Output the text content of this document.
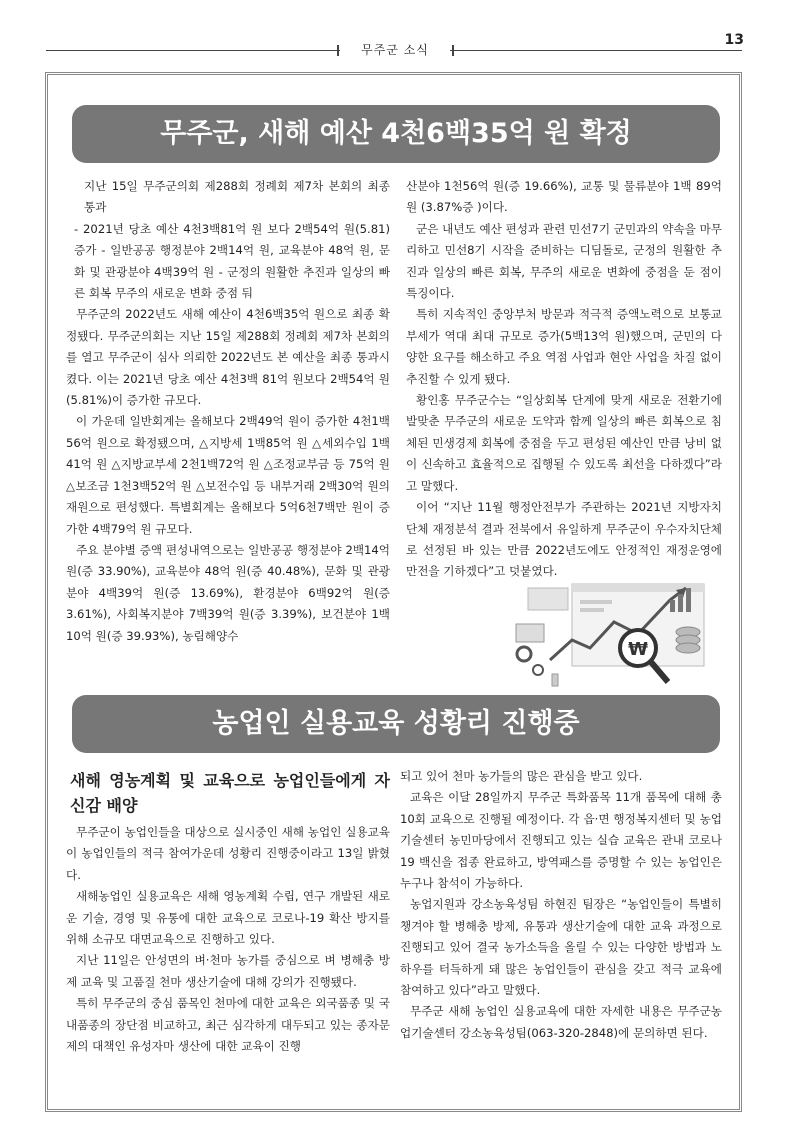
13
무주군 소식
무주군, 새해 예산 4천6백35억 원 확정

지난 15일 무주군의회 제288회 정례회 제7차 본회의 최종 통과

- 2021년 당초 예산 4천3백81억 원 보다 2백54억 원(5.81) 증가 - 일반공공 행정분야 2백14억 원, 교육분야 48억 원, 문화 및 관광분야 4백39억 원 - 군정의 원활한 추진과 일상의 빠른 회복 무주의 새로운 변화 중점 둬

무주군의 2022년도 새해 예산이 4천6백35억 원으로 최종 확정됐다. 무주군의회는 지난 15일 제288회 정례회 제7차 본회의를 열고 무주군이 심사 의뢰한 2022년도 본 예산을 최종 통과시켰다. 이는 2021년 당초 예산 4천3백 81억 원보다 2백54억 원(5.81%)이 증가한 규모다.

이 가운데 일반회계는 올해보다 2백49억 원이 증가한 4천1백56억 원으로 확정됐으며, △지방세 1백85억 원 △세외수입 1백41억 원 △지방교부세 2천1백72억 원 △조정교부금 등 75억 원 △보조금 1천3백52억 원 △보전수입 등 내부거래 2백30억 원의 재원으로 편성했다. 특별회계는 올해보다 5억6천7백만 원이 증가한 4백79억 원 규모다.

주요 분야별 증액 편성내역으로는 일반공공 행정분야 2백14억 원(증 33.90%), 교육분야 48억 원(증 40.48%), 문화 및 관광분야 4백39억 원(증 13.69%), 환경분야 6백92억 원(증 3.61%), 사회복지분야 7백39억 원(증 3.39%), 보건분야 1백10억 원(증 39.93%), 농림해양수

산분야 1천56억 원(증 19.66%), 교통 및 물류분야 1백 89억 원 (3.87%증 )이다.

군은 내년도 예산 편성과 관련 민선7기 군민과의 약속을 마무리하고 민선8기 시작을 준비하는 디딤돌로, 군정의 원활한 추진과 일상의 빠른 회복, 무주의 새로운 변화에 중점을 둔 점이 특징이다.

특히 지속적인 중앙부처 방문과 적극적 증액노력으로 보통교부세가 역대 최대 규모로 증가(5백13억 원)했으며, 군민의 다양한 요구를 해소하고 주요 역점 사업과 현안 사업을 차질 없이 추진할 수 있게 됐다.

황인홍 무주군수는 “일상회복 단계에 맞게 새로운 전환기에 발맞춘 무주군의 새로운 도약과 함께 일상의 빠른 회복으로 침체된 민생경제 회복에 중점을 두고 편성된 예산인 만큼 낭비 없이 신속하고 효율적으로 집행될 수 있도록 최선을 다하겠다”라고 말했다.

이어 “지난 11월 행정안전부가 주관하는 2021년 지방자치단체 재정분석 결과 전북에서 유일하게 무주군이 우수자치단체로 선정된 바 있는 만큼 2022년도에도 안정적인 재정운영에 만전을 기하겠다”고 덧붙였다.

₩
농업인 실용교육 성황리 진행중
새해 영농계획 및 교육으로 농업인들에게 자신감 배양

무주군이 농업인들을 대상으로 실시중인 새해 농업인 실용교육이 농업인들의 적극 참여가운데 성황리 진행중이라고 13일 밝혔다.

새해농업인 실용교육은 새해 영농계획 수립, 연구 개발된 새로운 기술, 경영 및 유통에 대한 교육으로 코로나-19 확산 방지를 위해 소규모 대면교육으로 진행하고 있다.

지난 11일은 안성면의 벼·천마 농가를 중심으로 벼 병해충 방제 교육 및 고품질 천마 생산기술에 대해 강의가 진행됐다.

특히 무주군의 중심 품목인 천마에 대한 교육은 외국품종 및 국내품종의 장단점 비교하고, 최근 심각하게 대두되고 있는 종자문제의 대책인 유성자마 생산에 대한 교육이 진행

되고 있어 천마 농가들의 많은 관심을 받고 있다.

교육은 이달 28일까지 무주군 특화품목 11개 품목에 대해 총 10회 교육으로 진행될 예정이다. 각 읍·면 행정복지센터 및 농업기술센터 농민마당에서 진행되고 있는 실습 교육은 관내 코로나19 백신을 접종 완료하고, 방역패스를 증명할 수 있는 농업인은 누구나 참석이 가능하다.

농업지원과 강소농육성팀 하현진 팀장은 “농업인들이 특별히 챙겨야 할 병해충 방제, 유통과 생산기술에 대한 교육 과정으로 진행되고 있어 결국 농가소득을 올릴 수 있는 다양한 방법과 노하우를 터득하게 돼 많은 농업인들이 관심을 갖고 적극 교육에 참여하고 있다”라고 말했다.

무주군 새해 농업인 실용교육에 대한 자세한 내용은 무주군농업기술센터 강소농육성팀(063-320-2848)에 문의하면 된다.
